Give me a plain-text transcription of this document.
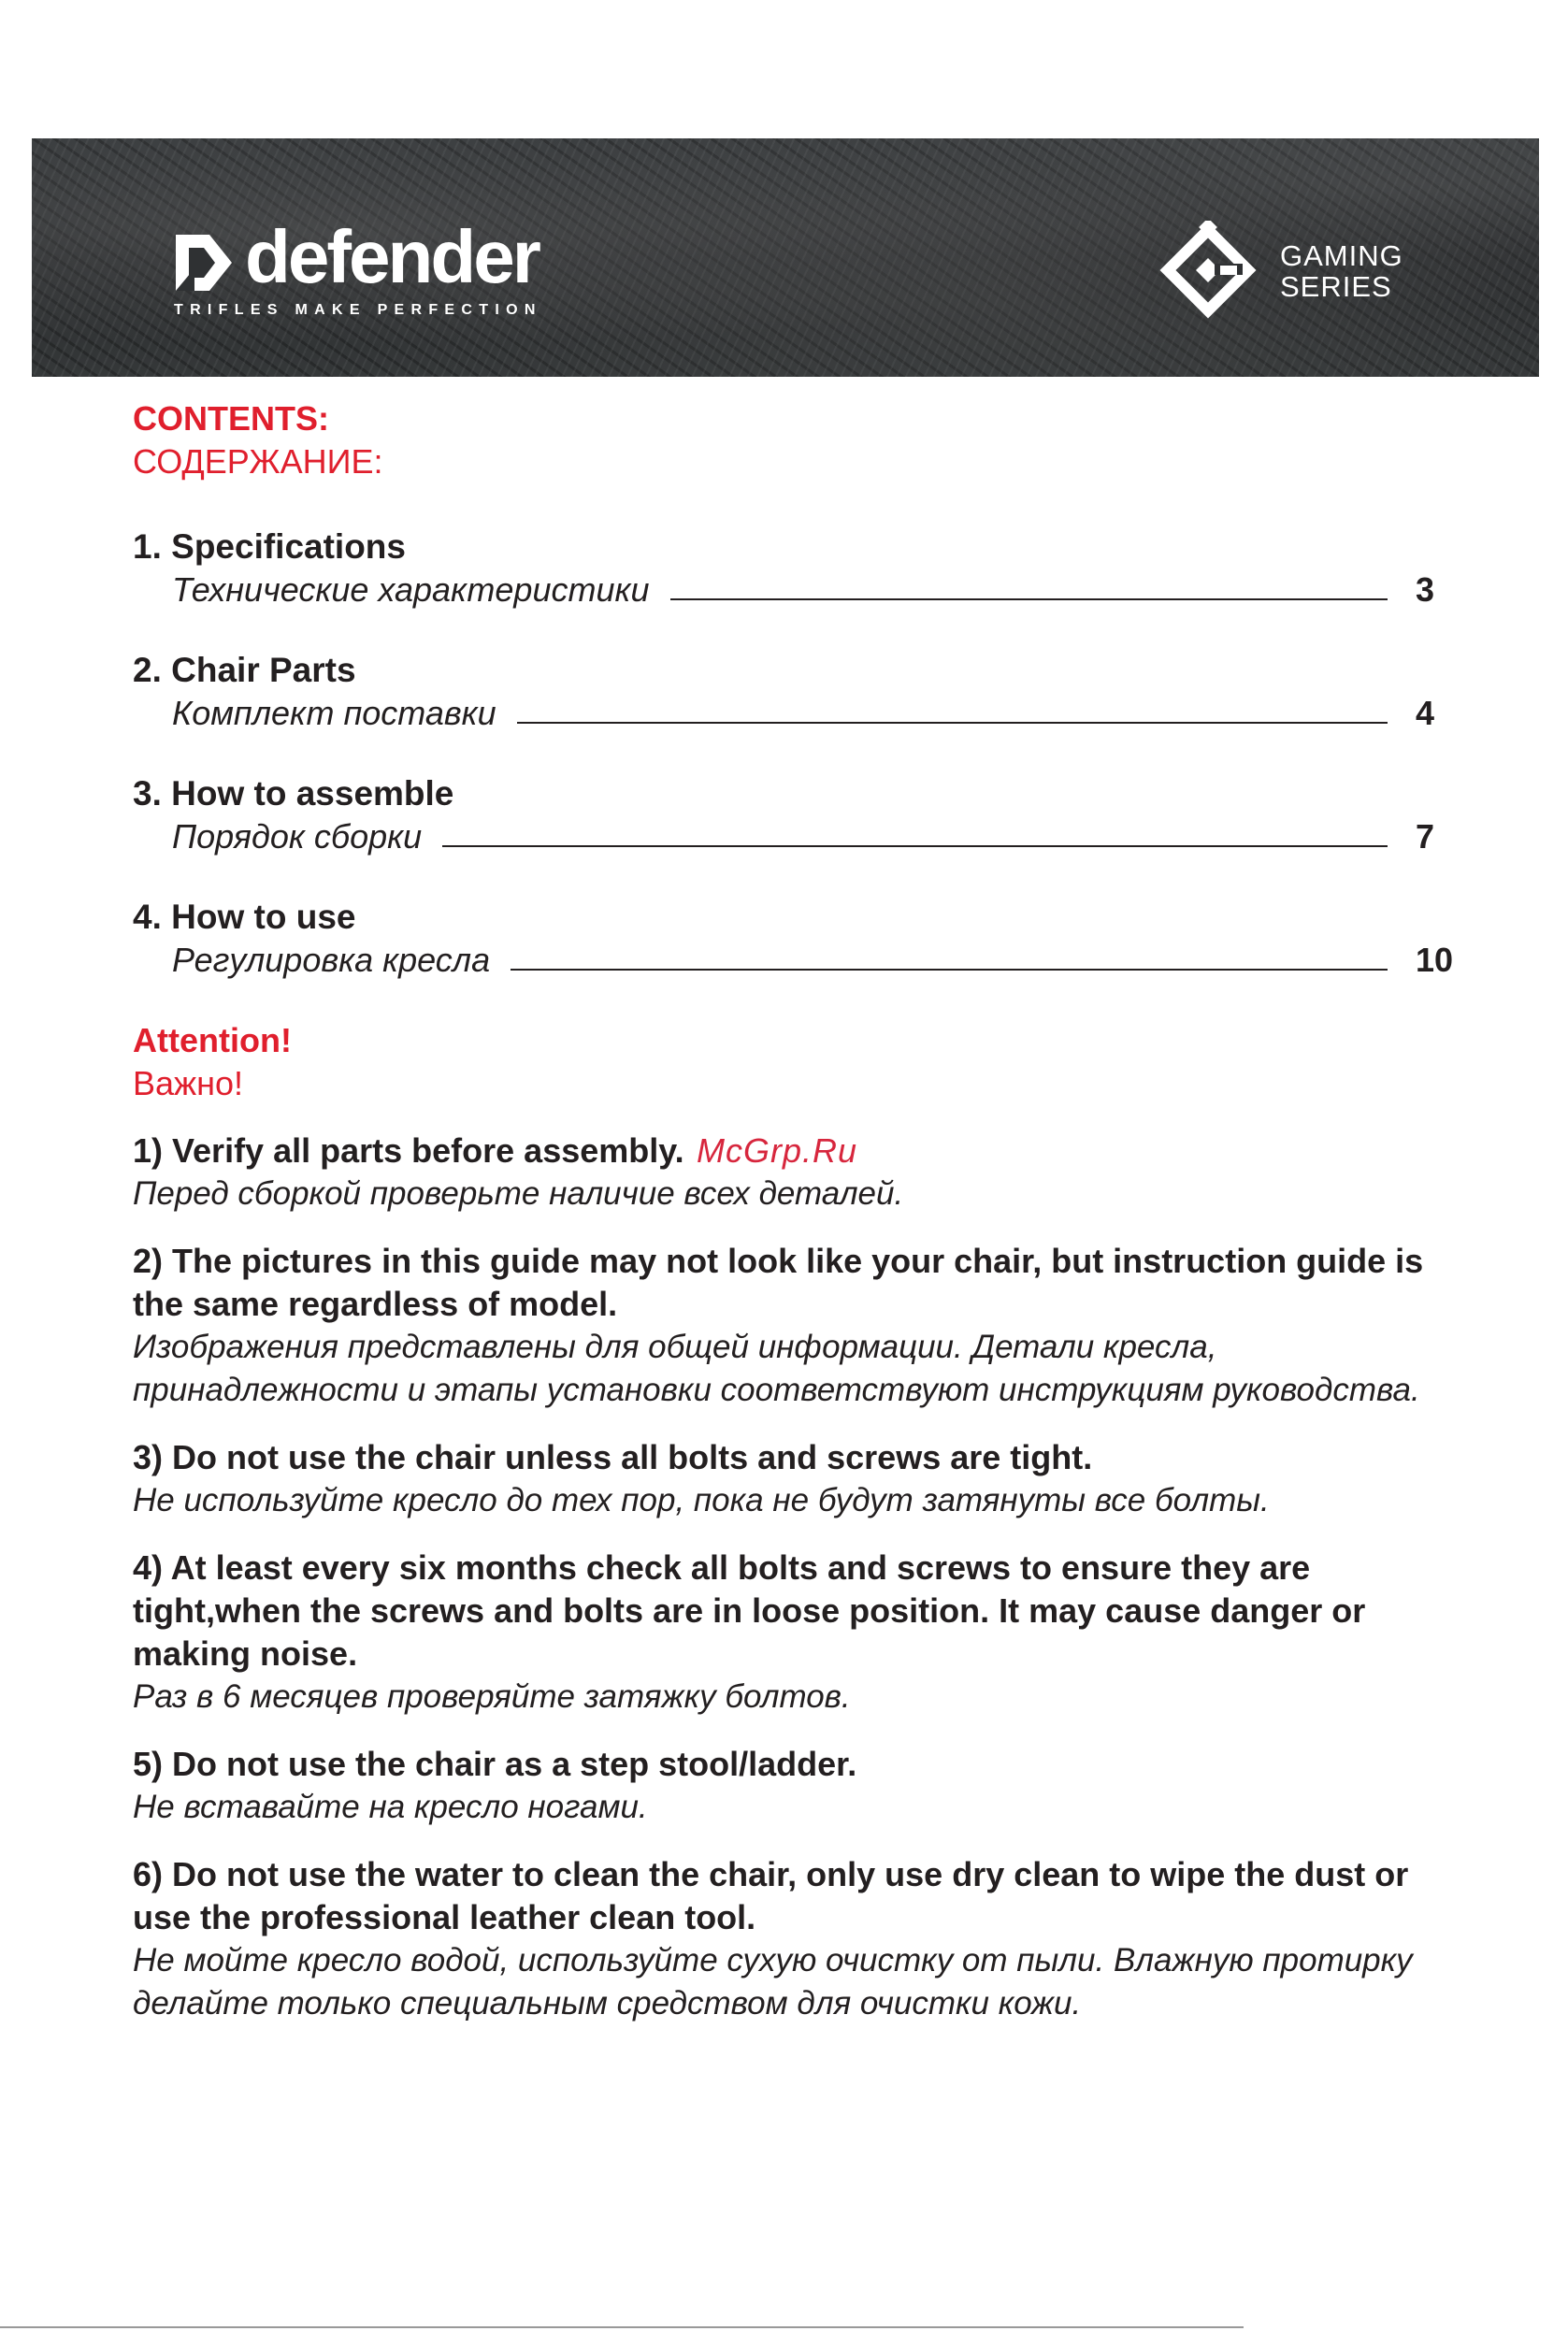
defender
TRIFLES MAKE PERFECTION
GAMING
SERIES
CONTENTS:
СОДЕРЖАНИЕ:
1. Specifications
Технические характеристики	3
2. Chair Parts
Комплект поставки	4
3. How to assemble
Порядок сборки	7
4. How to use
Регулировка кресла	10
Attention!
Важно!
1) Verify all parts before assembly. McGrp.Ru
Перед сборкой проверьте наличие всех деталей.
2) The pictures in this guide may not look like your chair, but instruction guide is the same regardless of model.
Изображения представлены для общей информации. Детали кресла, принадлежности и этапы установки соответствуют инструкциям руководства.
3) Do not use the chair unless all bolts and screws are tight.
Не используйте кресло до тех пор, пока не будут затянуты все болты.
4) At least every six months check all bolts and screws to ensure they are tight,when the screws and bolts are in loose position. It may cause danger or making noise.
Раз в 6 месяцев проверяйте затяжку болтов.
5) Do not use the chair as a step stool/ladder.
Не вставайте на кресло ногами.
6) Do not use the water to clean the chair, only use dry clean to wipe the dust or use the professional leather clean tool.
Не мойте кресло водой, используйте сухую очистку от пыли. Влажную протирку делайте только специальным средством для очистки кожи.
